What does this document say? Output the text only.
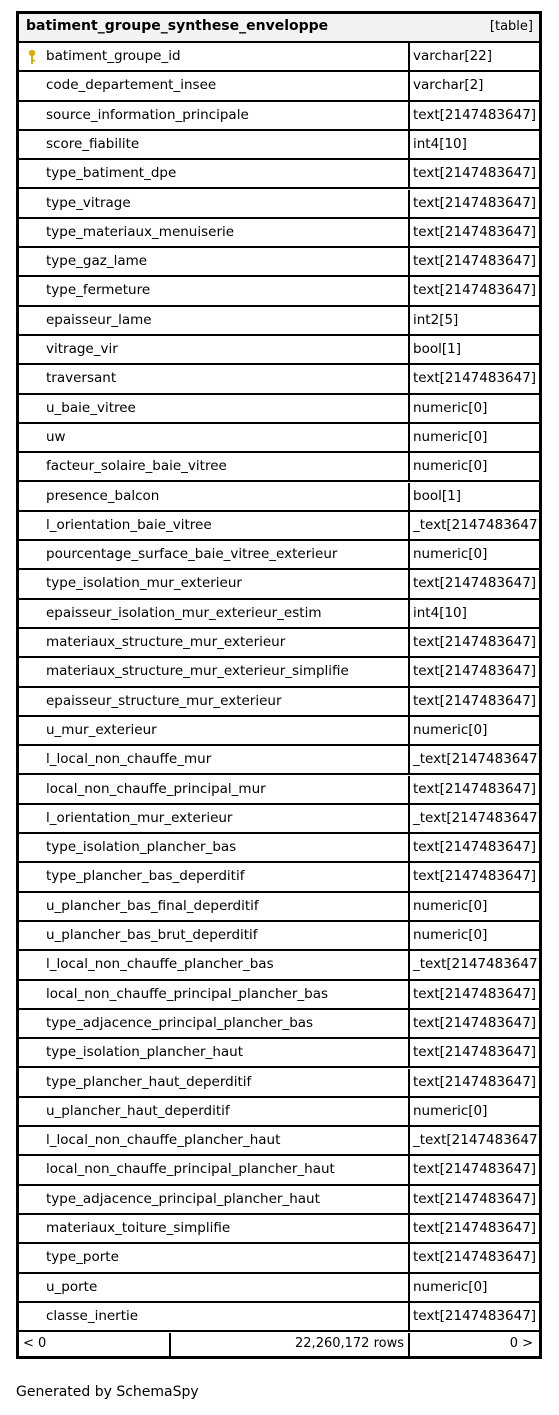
batiment_groupe_synthese_enveloppe	[table]
batiment_groupe_id	varchar[22]
code_departement_insee	varchar[2]
source_information_principale	text[2147483647]
score_fiabilite	int4[10]
type_batiment_dpe	text[2147483647]
type_vitrage	text[2147483647]
type_materiaux_menuiserie	text[2147483647]
type_gaz_lame	text[2147483647]
type_fermeture	text[2147483647]
epaisseur_lame	int2[5]
vitrage_vir	bool[1]
traversant	text[2147483647]
u_baie_vitree	numeric[0]
uw	numeric[0]
facteur_solaire_baie_vitree	numeric[0]
presence_balcon	bool[1]
l_orientation_baie_vitree	_text[2147483647]
pourcentage_surface_baie_vitree_exterieur	numeric[0]
type_isolation_mur_exterieur	text[2147483647]
epaisseur_isolation_mur_exterieur_estim	int4[10]
materiaux_structure_mur_exterieur	text[2147483647]
materiaux_structure_mur_exterieur_simplifie	text[2147483647]
epaisseur_structure_mur_exterieur	text[2147483647]
u_mur_exterieur	numeric[0]
l_local_non_chauffe_mur	_text[2147483647]
local_non_chauffe_principal_mur	text[2147483647]
l_orientation_mur_exterieur	_text[2147483647]
type_isolation_plancher_bas	text[2147483647]
type_plancher_bas_deperditif	text[2147483647]
u_plancher_bas_final_deperditif	numeric[0]
u_plancher_bas_brut_deperditif	numeric[0]
l_local_non_chauffe_plancher_bas	_text[2147483647]
local_non_chauffe_principal_plancher_bas	text[2147483647]
type_adjacence_principal_plancher_bas	text[2147483647]
type_isolation_plancher_haut	text[2147483647]
type_plancher_haut_deperditif	text[2147483647]
u_plancher_haut_deperditif	numeric[0]
l_local_non_chauffe_plancher_haut	_text[2147483647]
local_non_chauffe_principal_plancher_haut	text[2147483647]
type_adjacence_principal_plancher_haut	text[2147483647]
materiaux_toiture_simplifie	text[2147483647]
type_porte	text[2147483647]
u_porte	numeric[0]
classe_inertie	text[2147483647]
< 0	22,260,172 rows	0 >
Generated by SchemaSpy
